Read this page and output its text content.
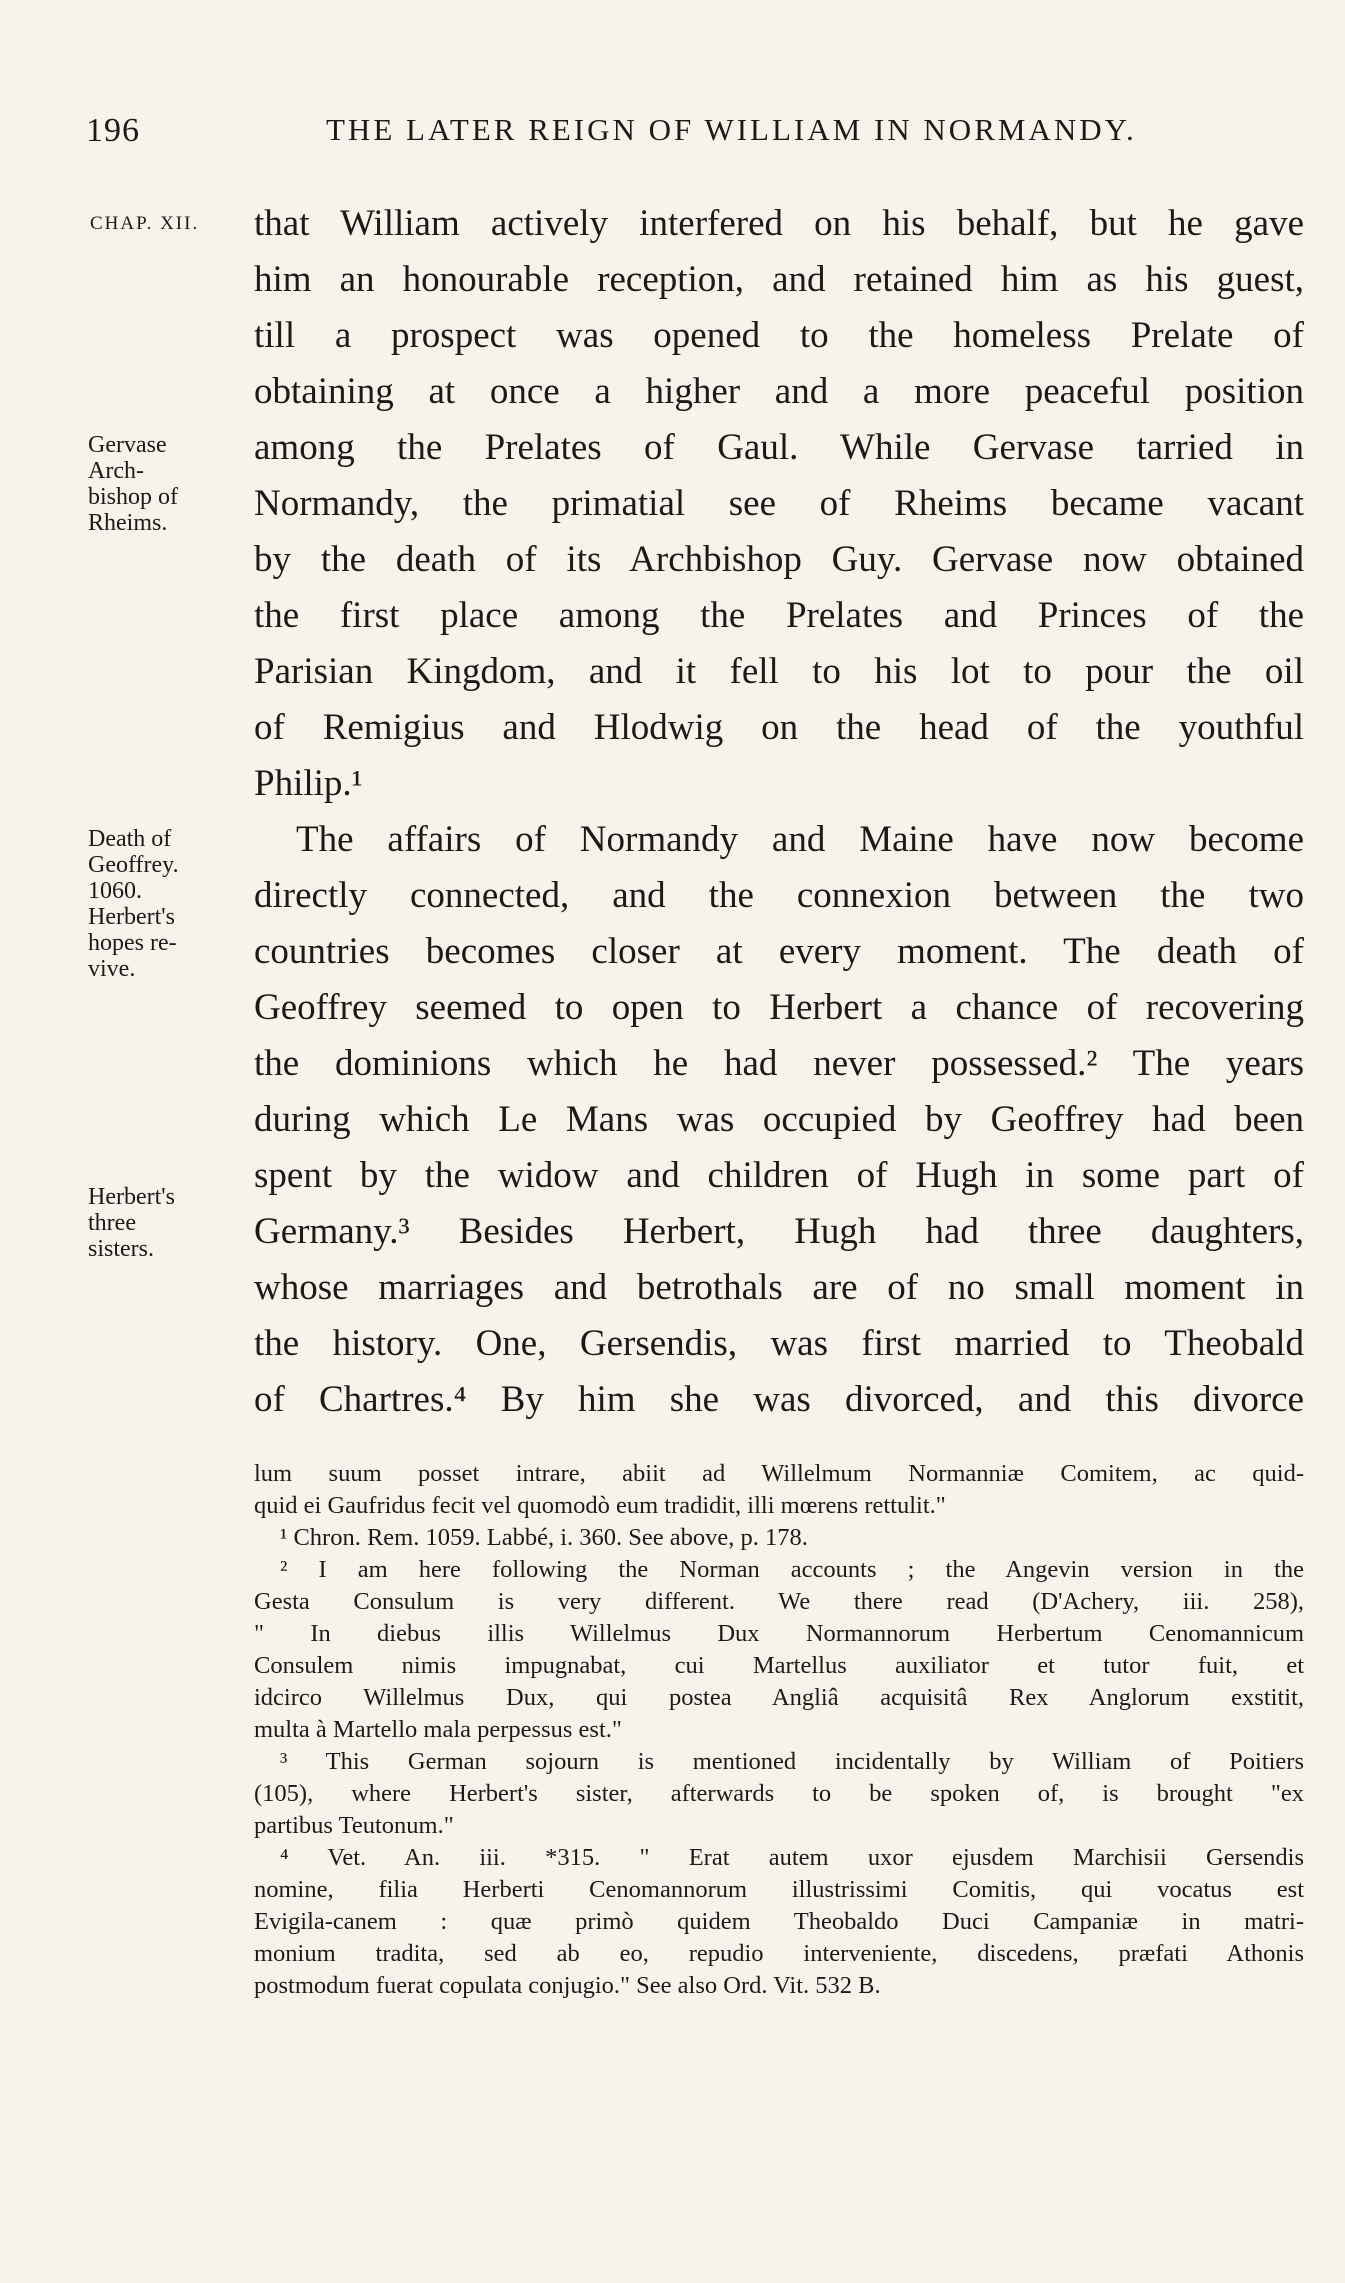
196	THE LATER REIGN OF WILLIAM IN NORMANDY.
CHAP. XII.
Gervase
Arch-
bishop of
Rheims.
Death of
Geoffrey.
1060.
Herbert's
hopes re-
vive.
Herbert's
three
sisters.
that William actively interfered on his behalf, but he gave
him an honourable reception, and retained him as his guest,
till a prospect was opened to the homeless Prelate of
obtaining at once a higher and a more peaceful position
among the Prelates of Gaul. While Gervase tarried in
Normandy, the primatial see of Rheims became vacant
by the death of its Archbishop Guy. Gervase now obtained
the first place among the Prelates and Princes of the
Parisian Kingdom, and it fell to his lot to pour the oil
of Remigius and Hlodwig on the head of the youthful
Philip.¹
The affairs of Normandy and Maine have now become
directly connected, and the connexion between the two
countries becomes closer at every moment. The death of
Geoffrey seemed to open to Herbert a chance of recovering
the dominions which he had never possessed.² The years
during which Le Mans was occupied by Geoffrey had been
spent by the widow and children of Hugh in some part of
Germany.³ Besides Herbert, Hugh had three daughters,
whose marriages and betrothals are of no small moment in
the history. One, Gersendis, was first married to Theobald
of Chartres.⁴ By him she was divorced, and this divorce
lum suum posset intrare, abiit ad Willelmum Normanniæ Comitem, ac quid-
quid ei Gaufridus fecit vel quomodò eum tradidit, illi mœrens rettulit."
¹ Chron. Rem. 1059. Labbé, i. 360. See above, p. 178.
² I am here following the Norman accounts ; the Angevin version in the
Gesta Consulum is very different. We there read (D'Achery, iii. 258),
" In diebus illis Willelmus Dux Normannorum Herbertum Cenomannicum
Consulem nimis impugnabat, cui Martellus auxiliator et tutor fuit, et
idcirco Willelmus Dux, qui postea Angliâ acquisitâ Rex Anglorum exstitit,
multa à Martello mala perpessus est."
³ This German sojourn is mentioned incidentally by William of Poitiers
(105), where Herbert's sister, afterwards to be spoken of, is brought "ex
partibus Teutonum."
⁴ Vet. An. iii. *315. " Erat autem uxor ejusdem Marchisii Gersendis
nomine, filia Herberti Cenomannorum illustrissimi Comitis, qui vocatus est
Evigila-canem : quæ primò quidem Theobaldo Duci Campaniæ in matri-
monium tradita, sed ab eo, repudio interveniente, discedens, præfati Athonis
postmodum fuerat copulata conjugio." See also Ord. Vit. 532 B.
